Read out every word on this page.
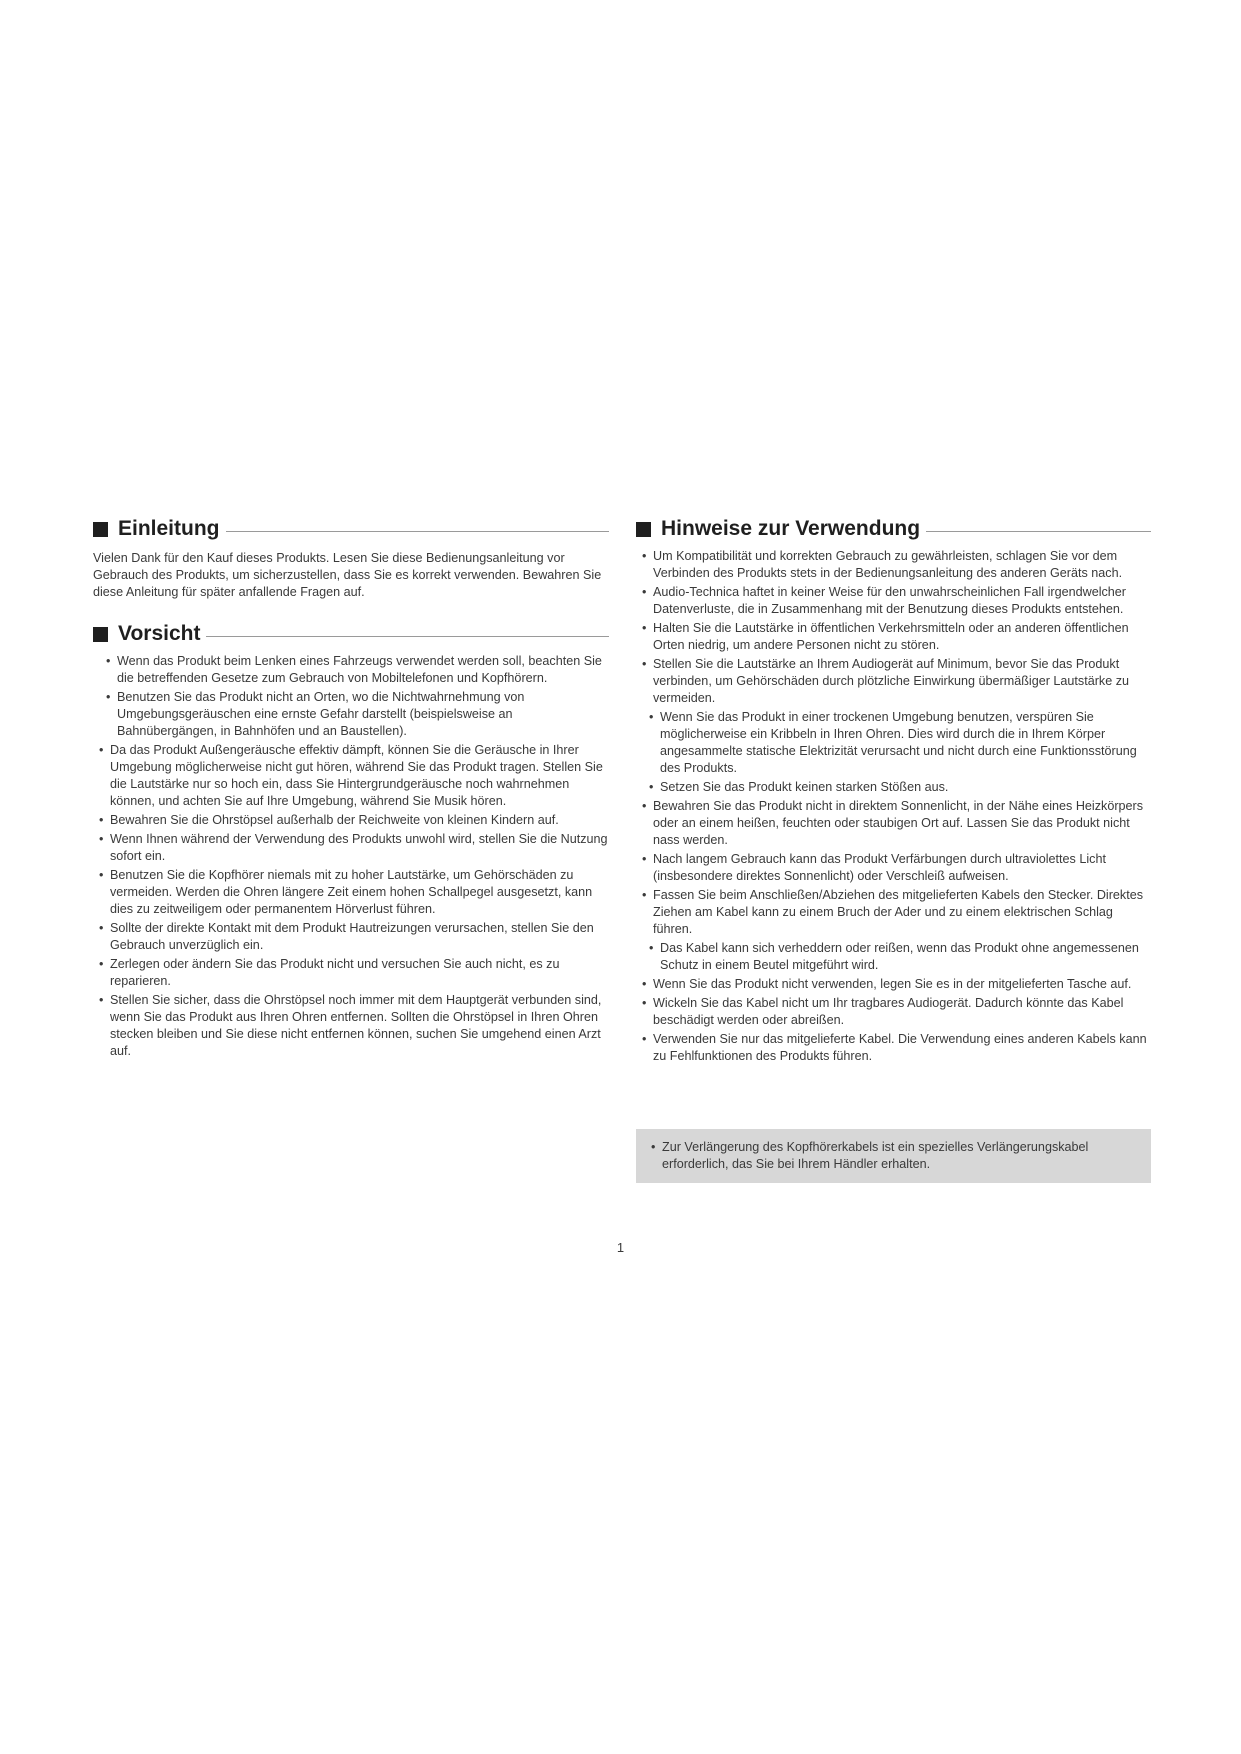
Einleitung

Vielen Dank für den Kauf dieses Produkts. Lesen Sie diese Bedienungsanleitung vor Gebrauch des Produkts, um sicherzustellen, dass Sie es korrekt verwenden. Bewahren Sie diese Anleitung für später anfallende Fragen auf.

Vorsicht
• Wenn das Produkt beim Lenken eines Fahrzeugs verwendet werden soll, beachten Sie die betreffenden Gesetze zum Gebrauch von Mobiltelefonen und Kopfhörern.
• Benutzen Sie das Produkt nicht an Orten, wo die Nichtwahrnehmung von Umgebungsgeräuschen eine ernste Gefahr darstellt (beispielsweise an Bahnübergängen, in Bahnhöfen und an Baustellen).
• Da das Produkt Außengeräusche effektiv dämpft, können Sie die Geräusche in Ihrer Umgebung möglicherweise nicht gut hören, während Sie das Produkt tragen. Stellen Sie die Lautstärke nur so hoch ein, dass Sie Hintergrundgeräusche noch wahrnehmen können, und achten Sie auf Ihre Umgebung, während Sie Musik hören.
• Bewahren Sie die Ohrstöpsel außerhalb der Reichweite von kleinen Kindern auf.
• Wenn Ihnen während der Verwendung des Produkts unwohl wird, stellen Sie die Nutzung sofort ein.
• Benutzen Sie die Kopfhörer niemals mit zu hoher Lautstärke, um Gehörschäden zu vermeiden. Werden die Ohren längere Zeit einem hohen Schallpegel ausgesetzt, kann dies zu zeitweiligem oder permanentem Hörverlust führen.
• Sollte der direkte Kontakt mit dem Produkt Hautreizungen verursachen, stellen Sie den Gebrauch unverzüglich ein.
• Zerlegen oder ändern Sie das Produkt nicht und versuchen Sie auch nicht, es zu reparieren.
• Stellen Sie sicher, dass die Ohrstöpsel noch immer mit dem Hauptgerät verbunden sind, wenn Sie das Produkt aus Ihren Ohren entfernen. Sollten die Ohrstöpsel in Ihren Ohren stecken bleiben und Sie diese nicht entfernen können, suchen Sie umgehend einen Arzt auf.
Hinweise zur Verwendung
• Um Kompatibilität und korrekten Gebrauch zu gewährleisten, schlagen Sie vor dem Verbinden des Produkts stets in der Bedienungsanleitung des anderen Geräts nach.
• Audio-Technica haftet in keiner Weise für den unwahrscheinlichen Fall irgendwelcher Datenverluste, die in Zusammenhang mit der Benutzung dieses Produkts entstehen.
• Halten Sie die Lautstärke in öffentlichen Verkehrsmitteln oder an anderen öffentlichen Orten niedrig, um andere Personen nicht zu stören.
• Stellen Sie die Lautstärke an Ihrem Audiogerät auf Minimum, bevor Sie das Produkt verbinden, um Gehörschäden durch plötzliche Einwirkung übermäßiger Lautstärke zu vermeiden.
• Wenn Sie das Produkt in einer trockenen Umgebung benutzen, verspüren Sie möglicherweise ein Kribbeln in Ihren Ohren. Dies wird durch die in Ihrem Körper angesammelte statische Elektrizität verursacht und nicht durch eine Funktionsstörung des Produkts.
• Setzen Sie das Produkt keinen starken Stößen aus.
• Bewahren Sie das Produkt nicht in direktem Sonnenlicht, in der Nähe eines Heizkörpers oder an einem heißen, feuchten oder staubigen Ort auf. Lassen Sie das Produkt nicht nass werden.
• Nach langem Gebrauch kann das Produkt Verfärbungen durch ultraviolettes Licht (insbesondere direktes Sonnenlicht) oder Verschleiß aufweisen.
• Fassen Sie beim Anschließen/Abziehen des mitgelieferten Kabels den Stecker. Direktes Ziehen am Kabel kann zu einem Bruch der Ader und zu einem elektrischen Schlag führen.
• Das Kabel kann sich verheddern oder reißen, wenn das Produkt ohne angemessenen Schutz in einem Beutel mitgeführt wird.
• Wenn Sie das Produkt nicht verwenden, legen Sie es in der mitgelieferten Tasche auf.
• Wickeln Sie das Kabel nicht um Ihr tragbares Audiogerät. Dadurch könnte das Kabel beschädigt werden oder abreißen.
• Verwenden Sie nur das mitgelieferte Kabel. Die Verwendung eines anderen Kabels kann zu Fehlfunktionen des Produkts führen.
• Zur Verlängerung des Kopfhörerkabels ist ein spezielles Verlängerungskabel erforderlich, das Sie bei Ihrem Händler erhalten.
1
